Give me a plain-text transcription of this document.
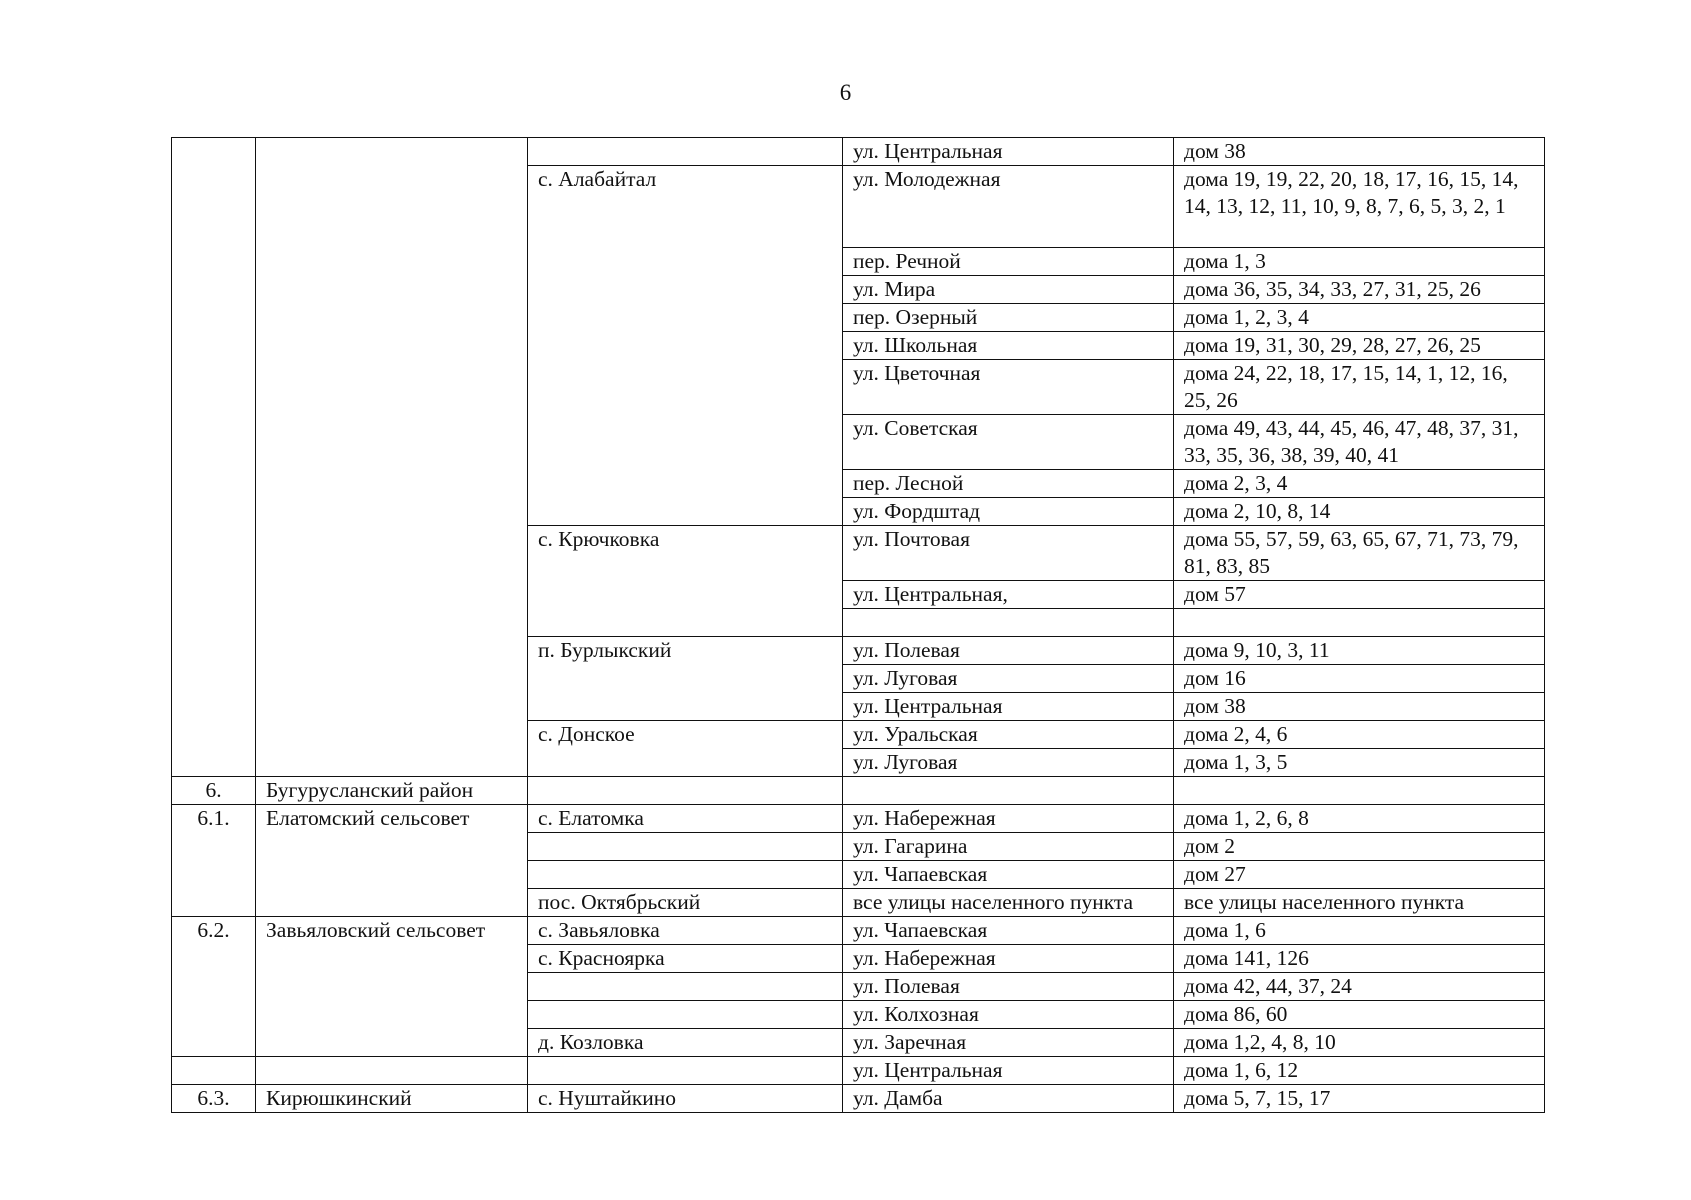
6
			ул. Центральная	дом 38
		с. Алабайтал	ул. Молодежная	дома 19, 19, 22, 20, 18, 17, 16, 15, 14, 14, 13, 12, 11, 10, 9, 8, 7, 6, 5, 3, 2, 1
			пер. Речной	дома 1, 3
			ул. Мира	дома 36, 35, 34, 33, 27, 31, 25, 26
			пер. Озерный	дома 1, 2, 3, 4
			ул. Школьная	дома 19, 31, 30, 29, 28, 27, 26, 25
			ул. Цветочная	дома 24, 22, 18, 17, 15, 14, 1, 12, 16, 25, 26
			ул. Советская	дома 49, 43, 44, 45, 46, 47, 48, 37, 31, 33, 35, 36, 38, 39, 40, 41
			пер. Лесной	дома 2, 3, 4
			ул. Фордштад	дома 2, 10, 8, 14
		с. Крючковка	ул. Почтовая	дома 55, 57, 59, 63, 65, 67, 71, 73, 79, 81, 83, 85
			ул. Центральная,	дом 57

		п. Бурлыкский	ул. Полевая	дома 9, 10, 3, 11
			ул. Луговая	дом 16
			ул. Центральная	дом 38
		с. Донское	ул. Уральская	дома 2, 4, 6
			ул. Луговая	дома 1, 3, 5
6.	Бугурусланский район			
6.1.	Елатомский сельсовет	с. Елатомка	ул. Набережная	дома 1, 2, 6, 8
			ул. Гагарина	дом 2
			ул. Чапаевская	дом 27
		пос. Октябрьский	все улицы населенного пункта	все улицы населенного пункта
6.2.	Завьяловский сельсовет	с. Завьяловка	ул. Чапаевская	дома 1, 6
		с. Красноярка	ул. Набережная	дома 141, 126
			ул. Полевая	дома 42, 44, 37, 24
			ул. Колхозная	дома 86, 60
		д. Козловка	ул. Заречная	дома 1,2, 4, 8, 10
			ул. Центральная	дома 1, 6, 12
6.3.	Кирюшкинский	с. Нуштайкино	ул. Дамба	дома 5, 7, 15, 17
